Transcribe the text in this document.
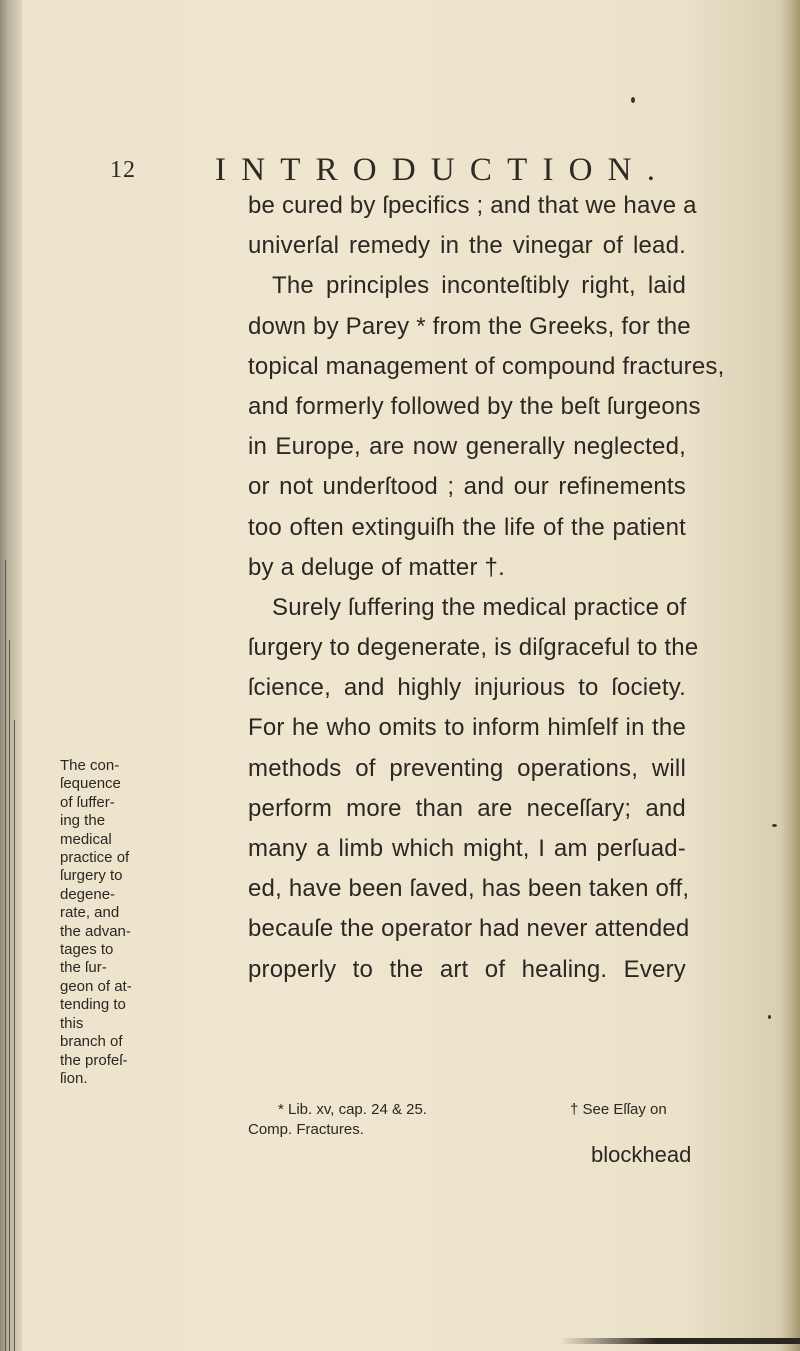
12 INTRODUCTION.
be cured by ſpecifics ; and that we have a
univerſal remedy in the vinegar of lead.
The principles inconteſtibly right, laid
down by Parey * from the Greeks, for the
topical management of compound fractures,
and formerly followed by the beſt ſurgeons
in Europe, are now generally neglected,
or not underſtood ; and our refinements
too often extinguiſh the life of the patient
by a deluge of matter †.
Surely ſuffering the medical practice of
ſurgery to degenerate, is diſgraceful to the
ſcience, and highly injurious to ſociety.
For he who omits to inform himſelf in the
methods of preventing operations, will
perform more than are neceſſary; and
many a limb which might, I am perſuad-
ed, have been ſaved, has been taken off,
becauſe the operator had never attended
properly to the art of healing. Every
The con-
ſequence
of ſuffer-
ing the
medical
practice of
ſurgery to
degene-
rate, and
the advan-
tages to
the ſur-
geon of at-
tending to
this
branch of
the profeſ-
ſion.
* Lib. xv, cap. 24 & 25.
Comp. Fractures.
† See Eſſay on
blockhead
